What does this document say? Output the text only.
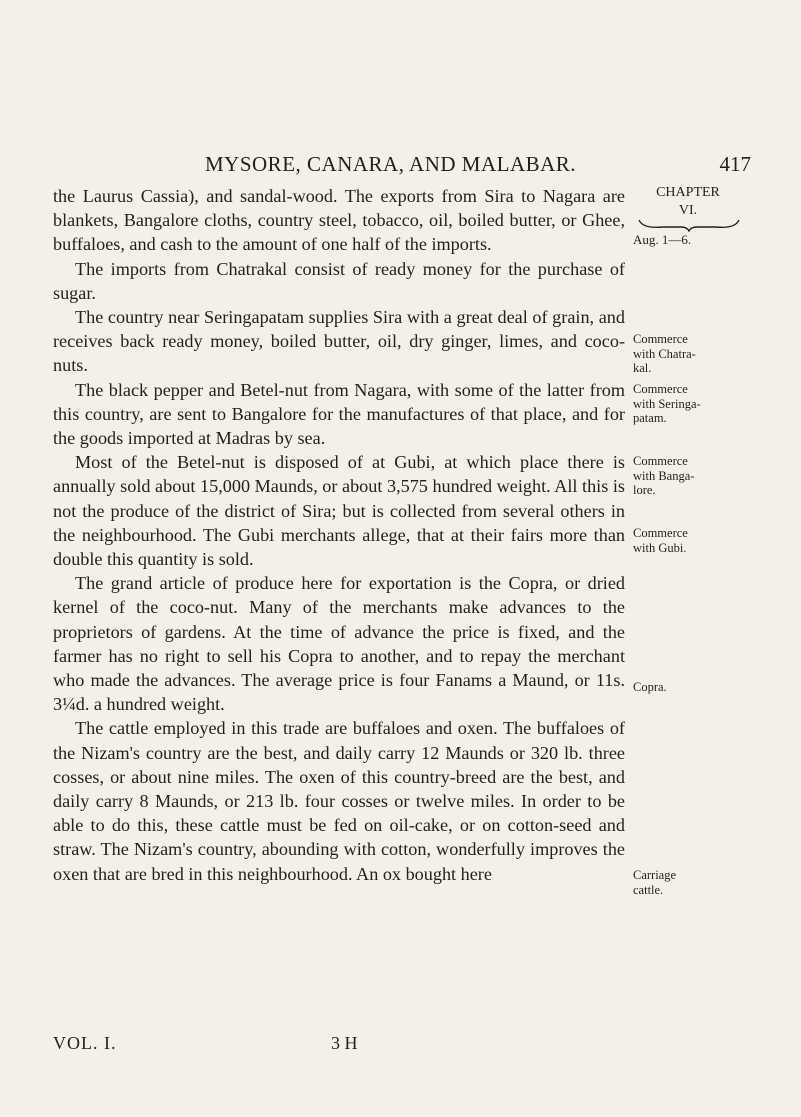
MYSORE, CANARA, AND MALABAR.	417

the Laurus Cassia), and sandal-wood. The exports from Sira to Nagara are blankets, Bangalore cloths, country steel, tobacco, oil, boiled butter, or Ghee, buffaloes, and cash to the amount of one half of the imports.

The imports from Chatrakal consist of ready money for the purchase of sugar.

The country near Seringapatam supplies Sira with a great deal of grain, and receives back ready money, boiled butter, oil, dry ginger, limes, and coco-nuts.

The black pepper and Betel-nut from Nagara, with some of the latter from this country, are sent to Bangalore for the manufactures of that place, and for the goods imported at Madras by sea.

Most of the Betel-nut is disposed of at Gubi, at which place there is annually sold about 15,000 Maunds, or about 3,575 hundred weight. All this is not the produce of the district of Sira; but is collected from several others in the neighbourhood. The Gubi merchants allege, that at their fairs more than double this quantity is sold.

The grand article of produce here for exportation is the Copra, or dried kernel of the coco-nut. Many of the merchants make advances to the proprietors of gardens. At the time of advance the price is fixed, and the farmer has no right to sell his Copra to another, and to repay the merchant who made the advances. The average price is four Fanams a Maund, or 11s. 3¼d. a hundred weight.

The cattle employed in this trade are buffaloes and oxen. The buffaloes of the Nizam's country are the best, and daily carry 12 Maunds or 320 lb. three cosses, or about nine miles. The oxen of this country-breed are the best, and daily carry 8 Maunds, or 213 lb. four cosses or twelve miles. In order to be able to do this, these cattle must be fed on oil-cake, or on cotton-seed and straw. The Nizam's country, abounding with cotton, wonderfully improves the oxen that are bred in this neighbourhood. An ox bought here

CHAPTER
VI.
Aug. 1—6.
Commerce
with Chatra-
kal.
Commerce
with Seringa-
patam.
Commerce
with Banga-
lore.
Commerce
with Gubi.
Copra.
Carriage
cattle.
VOL. I.	3 H
